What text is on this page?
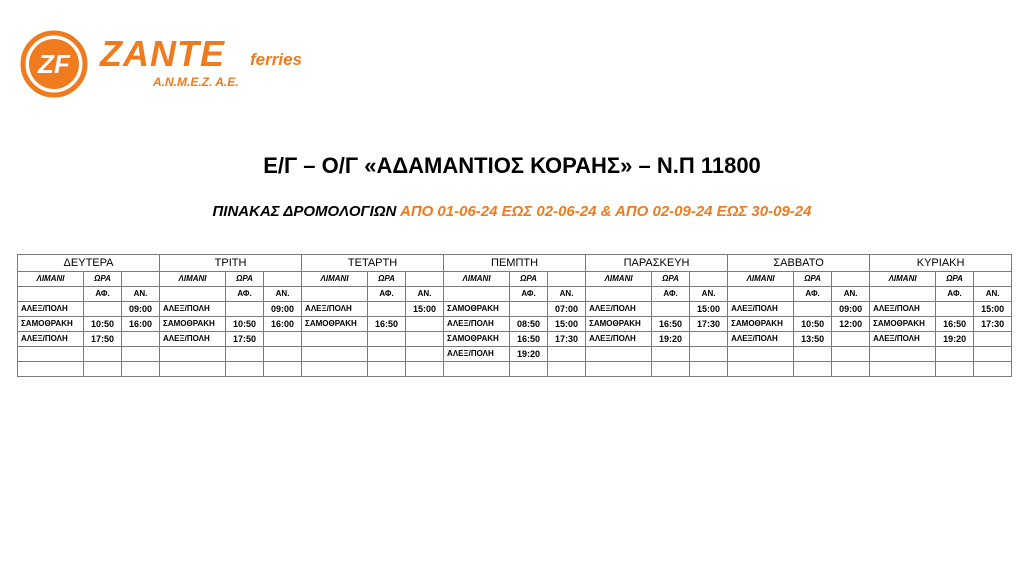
ZF ZANTE ferries
Α.Ν.Μ.Ε.Ζ. Α.Ε.
Ε/Γ – Ο/Γ «ΑΔΑΜΑΝΤΙΟΣ ΚΟΡΑΗΣ» – Ν.Π 11800
ΠΙΝΑΚΑΣ ΔΡΟΜΟΛΟΓΙΩΝ ΑΠΟ 01-06-24 ΕΩΣ 02-06-24 & ΑΠΟ 02-09-24 ΕΩΣ 30-09-24
ΔΕΥΤΕΡΑ			ΤΡΙΤΗ			ΤΕΤΑΡΤΗ			ΠΕΜΠΤΗ			ΠΑΡΑΣΚΕΥΗ			ΣΑΒΒΑΤΟ			ΚΥΡΙΑΚΗ		
ΛΙΜΑΝΙ	ΩΡΑ		ΛΙΜΑΝΙ	ΩΡΑ		ΛΙΜΑΝΙ	ΩΡΑ		ΛΙΜΑΝΙ	ΩΡΑ		ΛΙΜΑΝΙ	ΩΡΑ		ΛΙΜΑΝΙ	ΩΡΑ		ΛΙΜΑΝΙ	ΩΡΑ	
	ΑΦ.	ΑΝ.		ΑΦ.	ΑΝ.		ΑΦ.	ΑΝ.		ΑΦ.	ΑΝ.		ΑΦ.	ΑΝ.		ΑΦ.	ΑΝ.		ΑΦ.	ΑΝ.
ΑΛΕΞ/ΠΟΛΗ		09:00	ΑΛΕΞ/ΠΟΛΗ		09:00	ΑΛΕΞ/ΠΟΛΗ		15:00	ΣΑΜΟΘΡΑΚΗ		07:00	ΑΛΕΞ/ΠΟΛΗ		15:00	ΑΛΕΞ/ΠΟΛΗ		09:00	ΑΛΕΞ/ΠΟΛΗ		15:00
ΣΑΜΟΘΡΑΚΗ	10:50	16:00	ΣΑΜΟΘΡΑΚΗ	10:50	16:00	ΣΑΜΟΘΡΑΚΗ	16:50		ΑΛΕΞ/ΠΟΛΗ	08:50	15:00	ΣΑΜΟΘΡΑΚΗ	16:50	17:30	ΣΑΜΟΘΡΑΚΗ	10:50	12:00	ΣΑΜΟΘΡΑΚΗ	16:50	17:30
ΑΛΕΞ/ΠΟΛΗ	17:50		ΑΛΕΞ/ΠΟΛΗ	17:50					ΣΑΜΟΘΡΑΚΗ	16:50	17:30	ΑΛΕΞ/ΠΟΛΗ	19:20		ΑΛΕΞ/ΠΟΛΗ	13:50		ΑΛΕΞ/ΠΟΛΗ	19:20	
									ΑΛΕΞ/ΠΟΛΗ	19:20										
